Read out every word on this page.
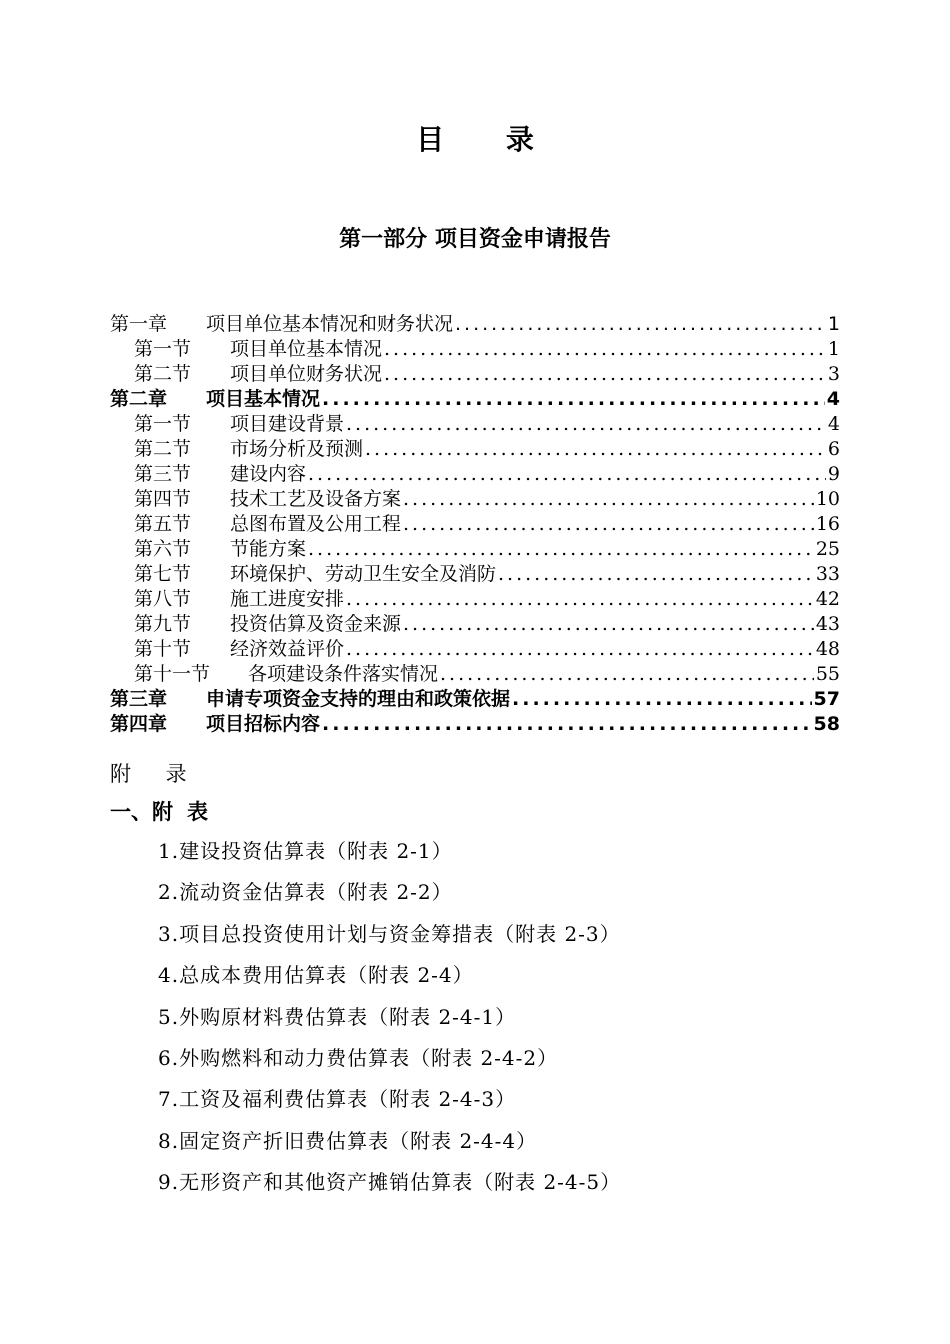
目 录
第一部分 项目资金申请报告
第一章	项目单位基本情况和财务状况 .....	1
第一节	项目单位基本情况 .....	1
第二节	项目单位财务状况 .....	3
第二章	项目基本情况 .....	4
第一节	项目建设背景 .....	4
第二节	市场分析及预测 .....	6
第三节	建设内容 .....	9
第四节	技术工艺及设备方案 .....	10
第五节	总图布置及公用工程 .....	16
第六节	节能方案 .....	25
第七节	环境保护、劳动卫生安全及消防 .....	33
第八节	施工进度安排 .....	42
第九节	投资估算及资金来源 .....	43
第十节	经济效益评价 .....	48
第十一节	各项建设条件落实情况 .....	55
第三章	申请专项资金支持的理由和政策依据 .....	57
第四章	项目招标内容 .....	58
附 录
一、附 表
1.建设投资估算表（附表 2-1）
2.流动资金估算表（附表 2-2）
3.项目总投资使用计划与资金筹措表（附表 2-3）
4.总成本费用估算表（附表 2-4）
5.外购原材料费估算表（附表 2-4-1）
6.外购燃料和动力费估算表（附表 2-4-2）
7.工资及福利费估算表（附表 2-4-3）
8.固定资产折旧费估算表（附表 2-4-4）
9.无形资产和其他资产摊销估算表（附表 2-4-5）
